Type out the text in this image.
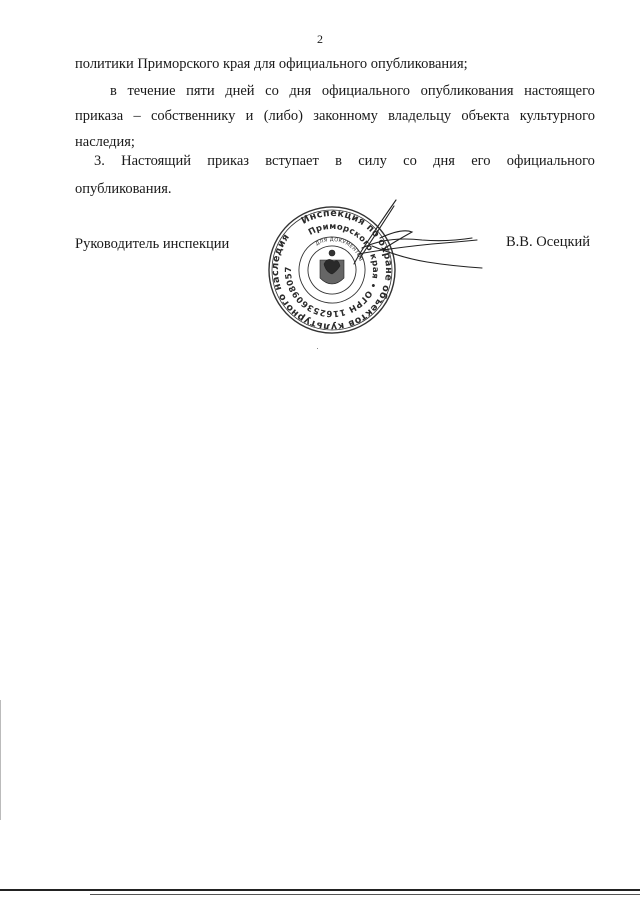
2
политики Приморского края для официального опубликования;
в течение пяти дней со дня официального опубликования настоящего
приказа – собственнику и (либо) законному владельцу объекта культурного
наследия;
3. Настоящий приказ вступает в силу со дня его официального
опубликования.
Руководитель инспекции	В.В. Осецкий
Инспекция по охране объектов культурного наследия	Приморского края • ОГРН 1162536098057
ДЛЯ ДОКУМЕНТОВ
